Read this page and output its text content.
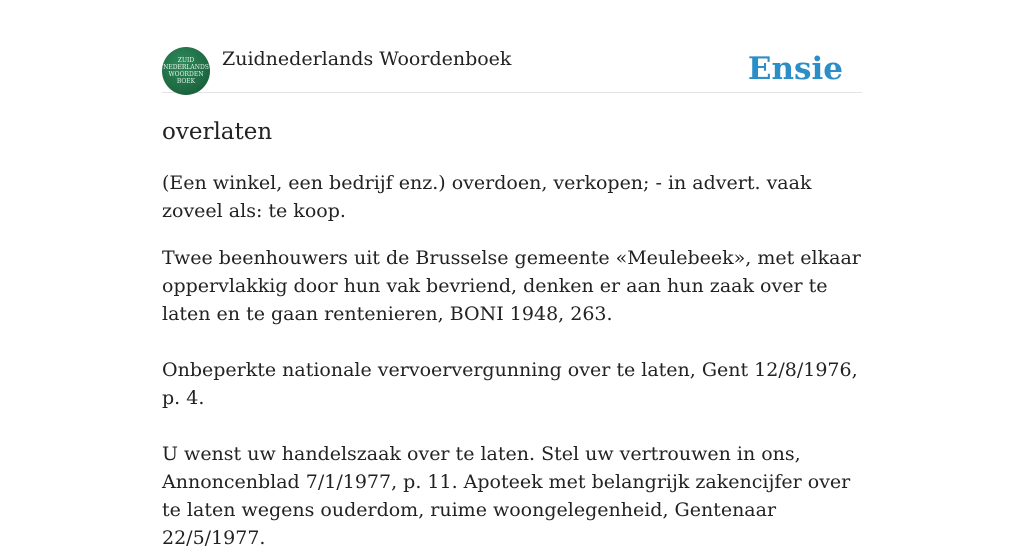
ZUID
NEDERLANDS
WOORDEN
BOEK
Zuidnederlands Woordenboek	Ensie
overlaten

(Een winkel, een bedrijf enz.) overdoen, verkopen; - in advert. vaak zoveel als: te koop.

Twee beenhouwers uit de Brusselse gemeente «Meulebeek», met elkaar oppervlakkig door hun vak bevriend, denken er aan hun zaak over te laten en te gaan rentenieren, BONI 1948, 263.

Onbeperkte nationale vervoervergunning over te laten, Gent 12/8/1976, p. 4.

U wenst uw handelszaak over te laten. Stel uw vertrouwen in ons, Annoncenblad 7/1/1977, p. 11. Apoteek met belangrijk zakencijfer over te laten wegens ouderdom, ruime woongelegenheid, Gentenaar 22/5/1977.
